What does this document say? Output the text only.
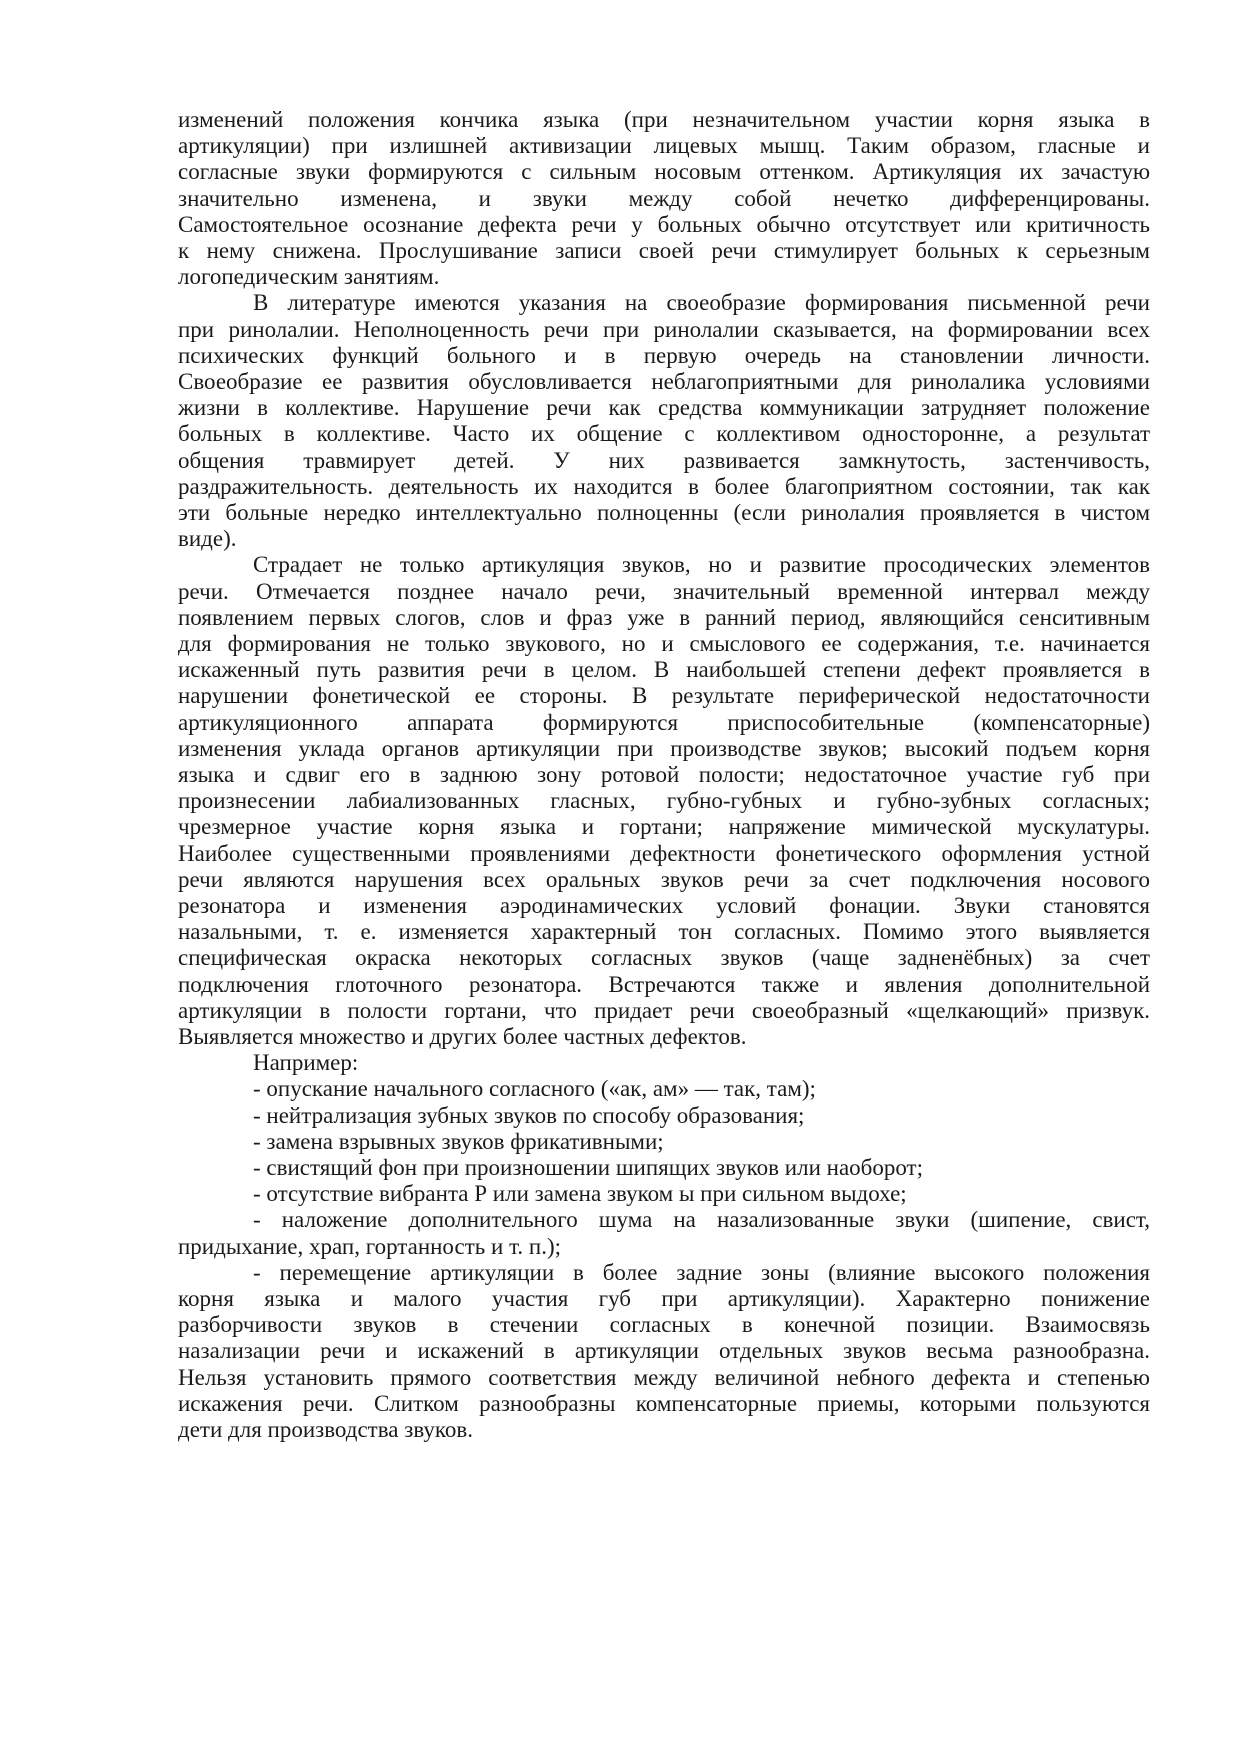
изменений положения кончика языка (при незначительном участии корня языка в
артикуляции) при излишней активизации лицевых мышц. Таким образом, гласные и
согласные звуки формируются с сильным носовым оттенком. Артикуляция их зачастую
значительно изменена, и звуки между собой нечетко дифференцированы.
Самостоятельное осознание дефекта речи у больных обычно отсутствует или критичность
к нему снижена. Прослушивание записи своей речи стимулирует больных к серьезным
логопедическим занятиям.
В литературе имеются указания на своеобразие формирования письменной речи
при ринолалии. Неполноценность речи при ринолалии сказывается, на формировании всех
психических функций больного и в первую очередь на становлении личности.
Своеобразие ее развития обусловливается неблагоприятными для ринолалика условиями
жизни в коллективе. Нарушение речи как средства коммуникации затрудняет положение
больных в коллективе. Часто их общение с коллективом односторонне, а результат
общения травмирует детей. У них развивается замкнутость, застенчивость,
раздражительность. деятельность их находится в более благоприятном состоянии, так как
эти больные нередко интеллектуально полноценны (если ринолалия проявляется в чистом
виде).
Страдает не только артикуляция звуков, но и развитие просодических элементов
речи. Отмечается позднее начало речи, значительный временной интервал между
появлением первых слогов, слов и фраз уже в ранний период, являющийся сенситивным
для формирования не только звукового, но и смыслового ее содержания, т.е. начинается
искаженный путь развития речи в целом. В наибольшей степени дефект проявляется в
нарушении фонетической ее стороны. В результате периферической недостаточности
артикуляционного аппарата формируются приспособительные (компенсаторные)
изменения уклада органов артикуляции при производстве звуков; высокий подъем корня
языка и сдвиг его в заднюю зону ротовой полости; недостаточное участие губ при
произнесении лабиализованных гласных, губно-губных и губно-зубных согласных;
чрезмерное участие корня языка и гортани; напряжение мимической мускулатуры.
Наиболее существенными проявлениями дефектности фонетического оформления устной
речи являются нарушения всех оральных звуков речи за счет подключения носового
резонатора и изменения аэродинамических условий фонации. Звуки становятся
назальными, т. е. изменяется характерный тон согласных. Помимо этого выявляется
специфическая окраска некоторых согласных звуков (чаще задненёбных) за счет
подключения глоточного резонатора. Встречаются также и явления дополнительной
артикуляции в полости гортани, что придает речи своеобразный «щелкающий» призвук.
Выявляется множество и других более частных дефектов.
Например:
- опускание начального согласного («ак, ам» — так, там);
- нейтрализация зубных звуков по способу образования;
- замена взрывных звуков фрикативными;
- свистящий фон при произношении шипящих звуков или наоборот;
- отсутствие вибранта Р или замена звуком ы при сильном выдохе;
- наложение дополнительного шума на назализованные звуки (шипение, свист,
придыхание, храп, гортанность и т. п.);
- перемещение артикуляции в более задние зоны (влияние высокого положения
корня языка и малого участия губ при артикуляции). Характерно понижение
разборчивости звуков в стечении согласных в конечной позиции. Взаимосвязь
назализации речи и искажений в артикуляции отдельных звуков весьма разнообразна.
Нельзя установить прямого соответствия между величиной небного дефекта и степенью
искажения речи. Слитком разнообразны компенсаторные приемы, которыми пользуются
дети для производства звуков.
